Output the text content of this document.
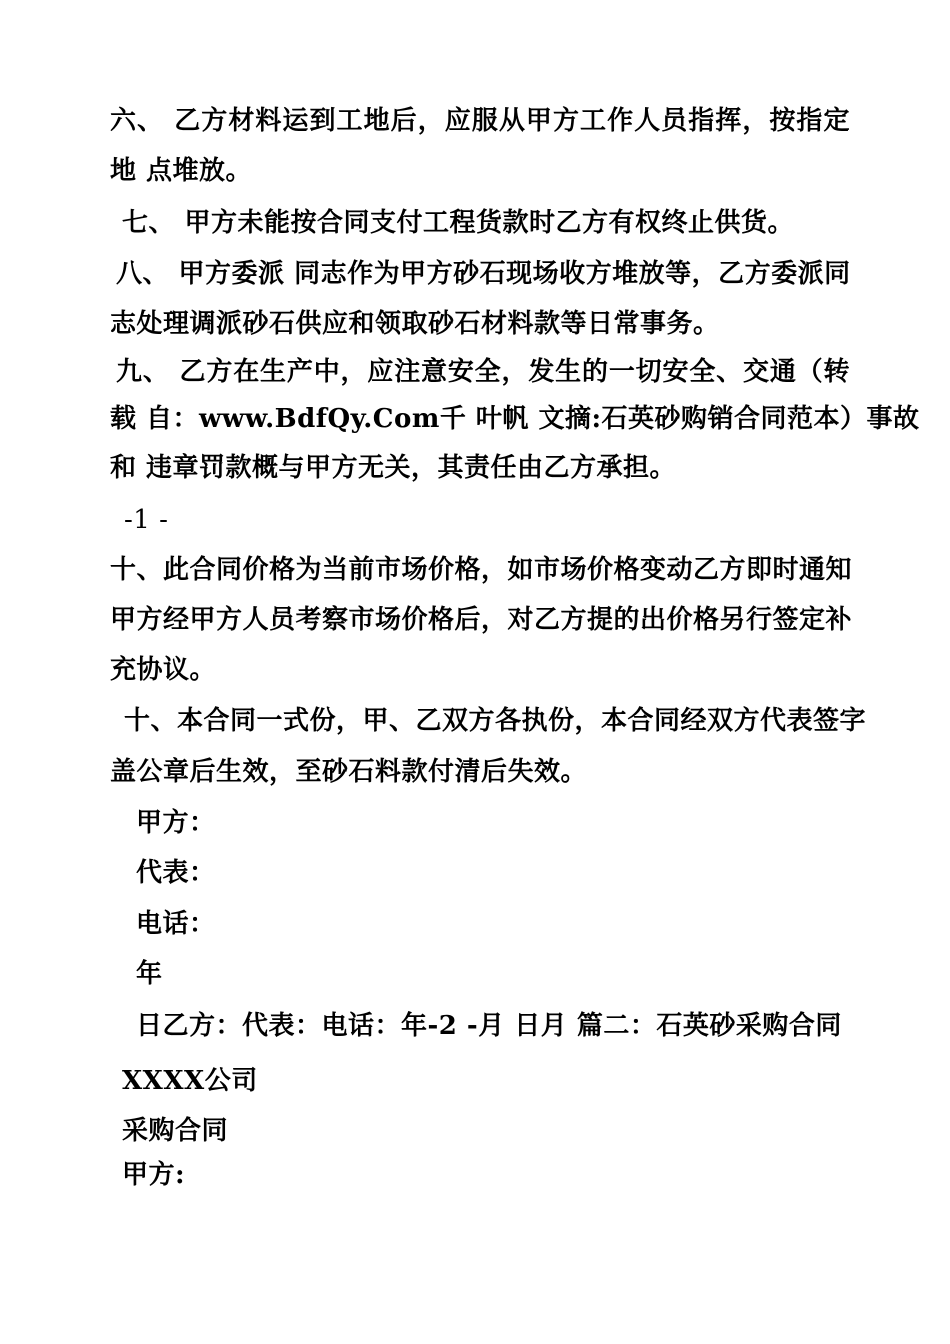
六、 乙方材料运到工地后，应服从甲方工作人员指挥，按指定
地 点堆放。
七、 甲方未能按合同支付工程货款时乙方有权终止供货。
八、 甲方委派 同志作为甲方砂石现场收方堆放等，乙方委派同
志处理调派砂石供应和领取砂石材料款等日常事务。
九、 乙方在生产中，应注意安全，发生的一切安全、交通（转
载 自：www.BdfQy.Com千 叶帆 文摘:石英砂购销合同范本）事故
和 违章罚款概与甲方无关，其责任由乙方承担。
-1 -
十、此合同价格为当前市场价格，如市场价格变动乙方即时通知
甲方经甲方人员考察市场价格后，对乙方提的出价格另行签定补
充协议。
十、本合同一式份，甲、乙双方各执份，本合同经双方代表签字
盖公章后生效，至砂石料款付清后失效。
甲方：
代表：
电话：
年
日乙方：代表：电话：年-2 -月 日月 篇二：石英砂采购合同
XXXX公司
采购合同
甲方:
